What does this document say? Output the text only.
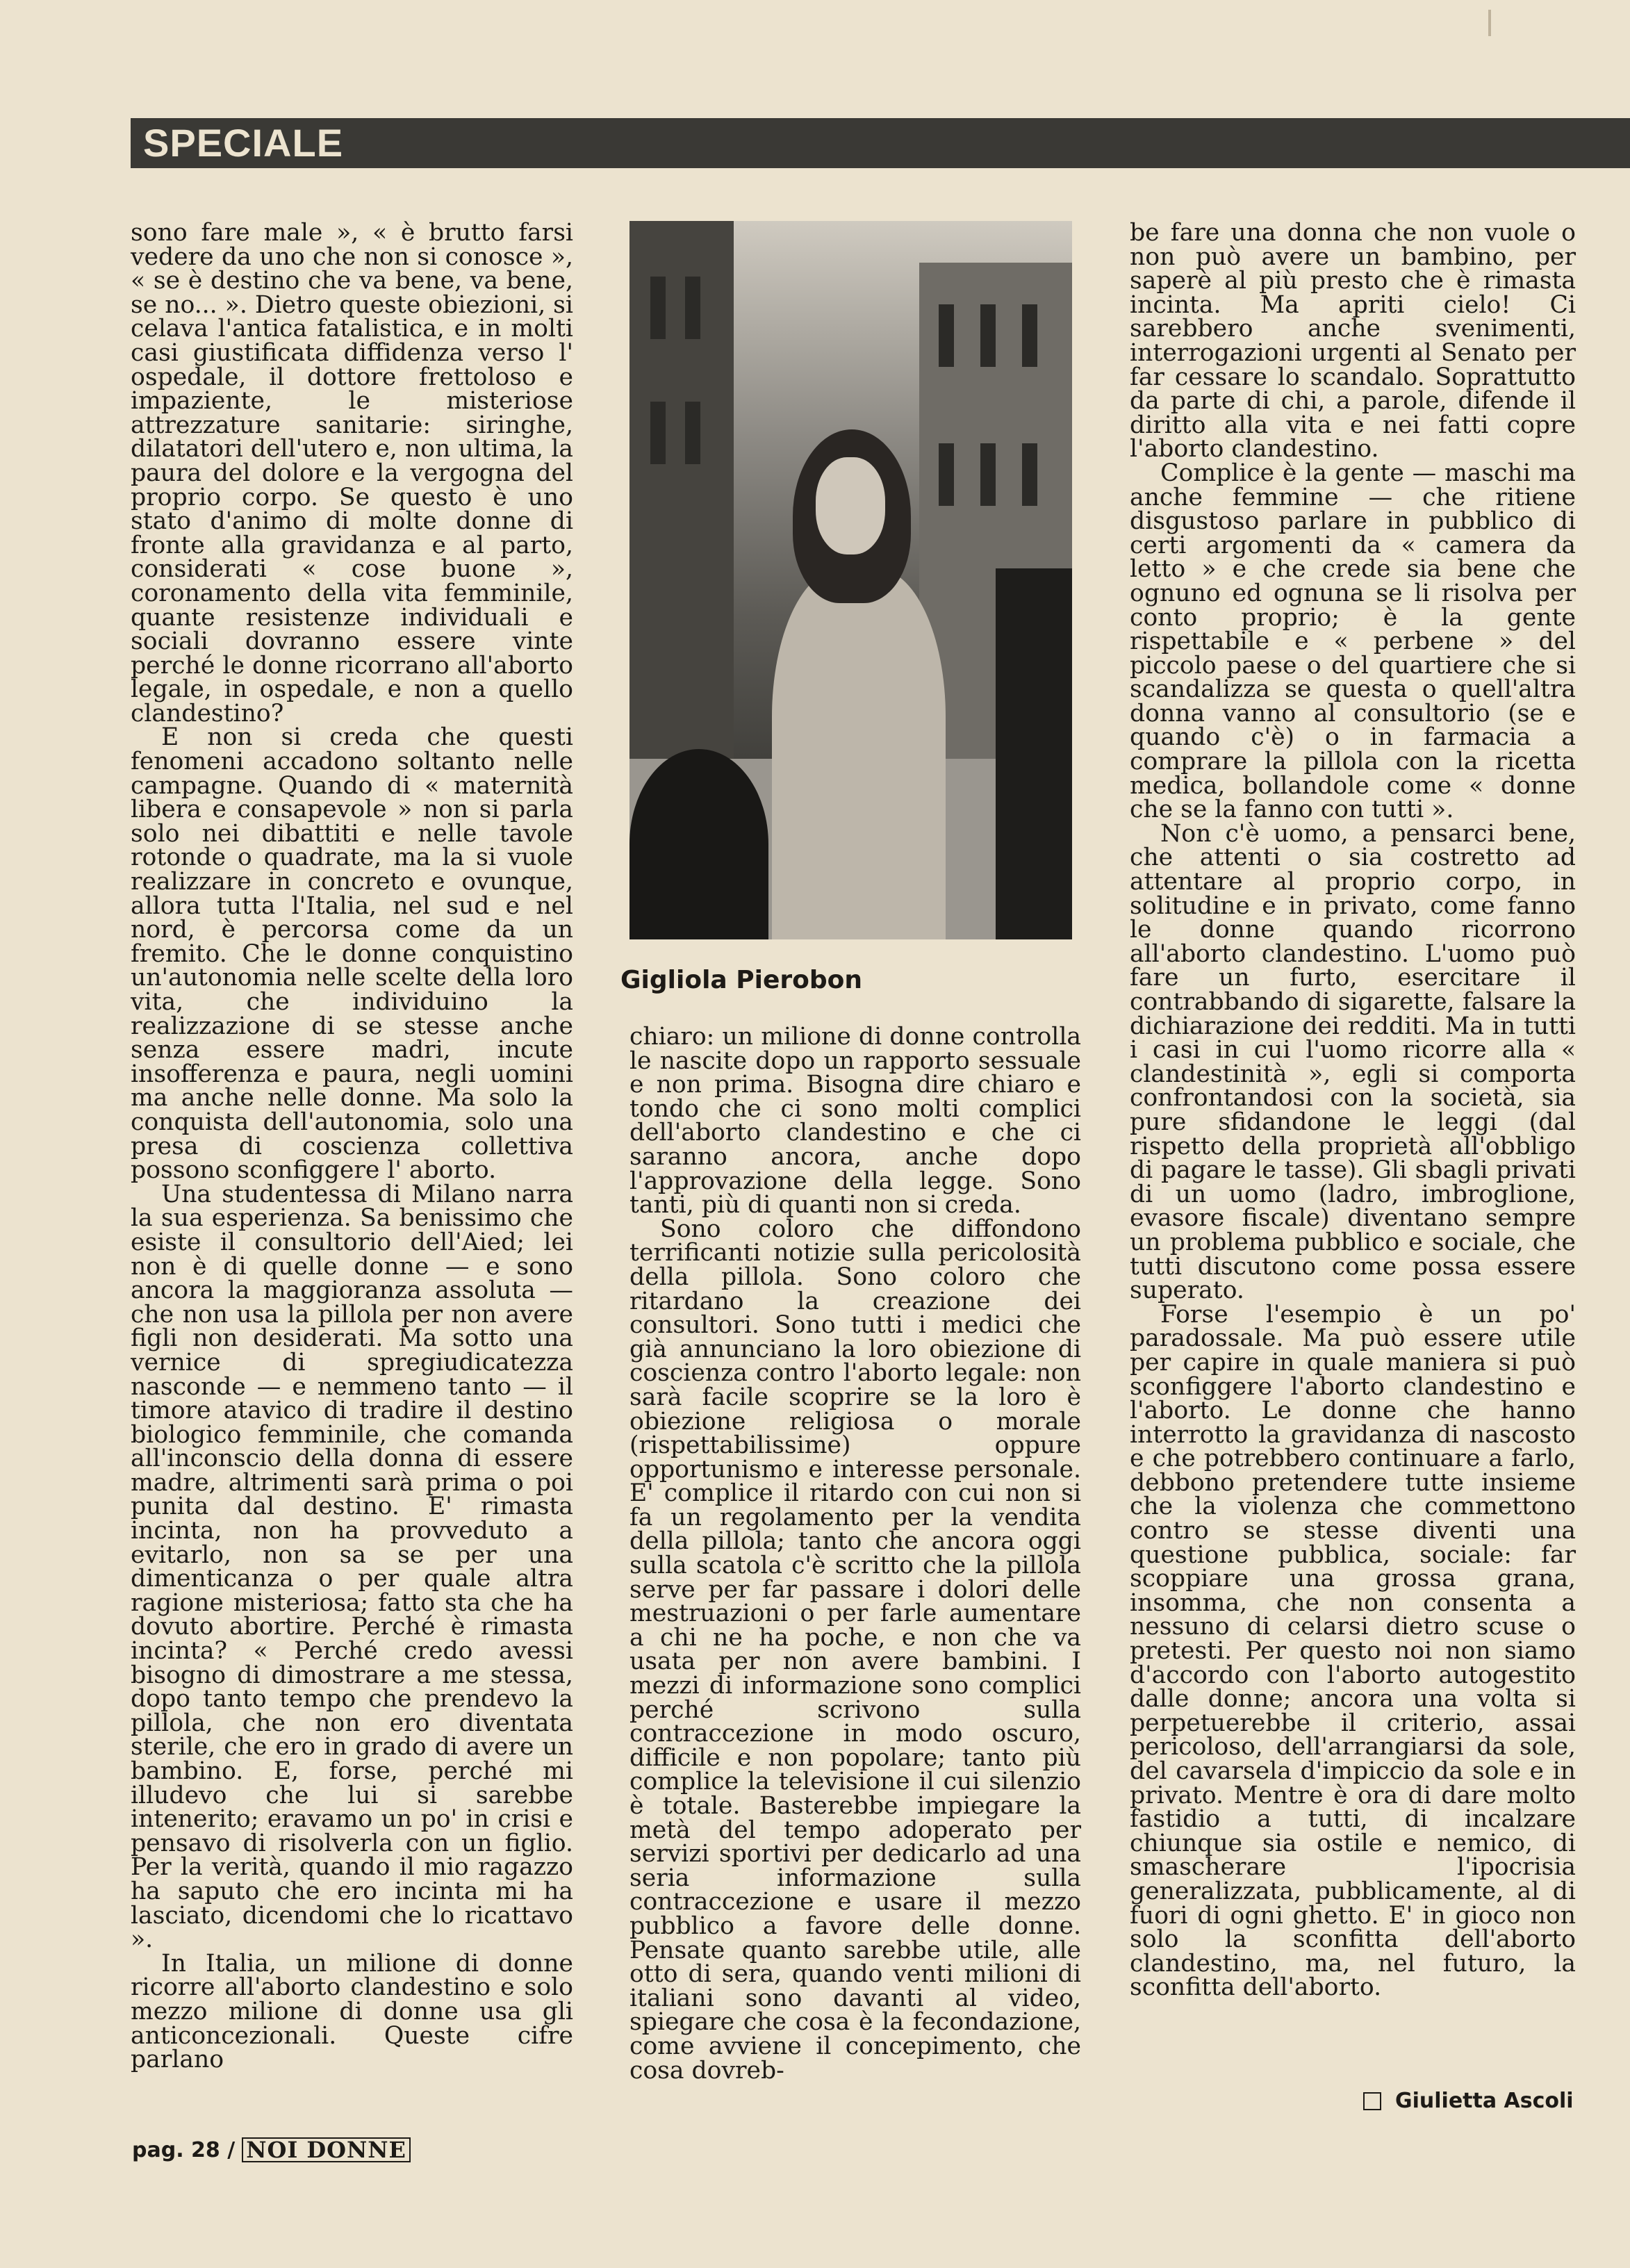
SPECIALE

sono fare male », « è brutto farsi vedere da uno che non si conosce », « se è destino che va bene, va bene, se no... ». Dietro queste obiezioni, si celava l'antica fatalistica, e in molti casi giustificata diffidenza verso l' ospedale, il dottore frettoloso e impaziente, le misteriose attrezzature sanitarie: siringhe, dilatatori dell'utero e, non ultima, la paura del dolore e la vergogna del proprio corpo. Se questo è uno stato d'animo di molte donne di fronte alla gravidanza e al parto, considerati « cose buone », coronamento della vita femminile, quante resistenze individuali e sociali dovranno essere vinte perché le donne ricorrano all'aborto legale, in ospedale, e non a quello clandestino?

E non si creda che questi fenomeni accadono soltanto nelle campagne. Quando di « maternità libera e consapevole » non si parla solo nei dibattiti e nelle tavole rotonde o quadrate, ma la si vuole realizzare in concreto e ovunque, allora tutta l'Italia, nel sud e nel nord, è percorsa come da un fremito. Che le donne conquistino un'autonomia nelle scelte della loro vita, che individuino la realizzazione di se stesse anche senza essere madri, incute insofferenza e paura, negli uomini ma anche nelle donne. Ma solo la conquista dell'autonomia, solo una presa di coscienza collettiva possono sconfiggere l' aborto.

Una studentessa di Milano narra la sua esperienza. Sa benissimo che esiste il consultorio dell'Aied; lei non è di quelle donne — e sono ancora la maggioranza assoluta — che non usa la pillola per non avere figli non desiderati. Ma sotto una vernice di spregiudicatezza nasconde — e nemmeno tanto — il timore atavico di tradire il destino biologico femminile, che comanda all'inconscio della donna di essere madre, altrimenti sarà prima o poi punita dal destino. E' rimasta incinta, non ha provveduto a evitarlo, non sa se per una dimenticanza o per quale altra ragione misteriosa; fatto sta che ha dovuto abortire. Perché è rimasta incinta? « Perché credo avessi bisogno di dimostrare a me stessa, dopo tanto tempo che prendevo la pillola, che non ero diventata sterile, che ero in grado di avere un bambino. E, forse, perché mi illudevo che lui si sarebbe intenerito; eravamo un po' in crisi e pensavo di risolverla con un figlio. Per la verità, quando il mio ragazzo ha saputo che ero incinta mi ha lasciato, dicendomi che lo ricattavo ».

In Italia, un milione di donne ricorre all'aborto clandestino e solo mezzo milione di donne usa gli anticoncezionali. Queste cifre parlano

Gigliola Pierobon

chiaro: un milione di donne controlla le nascite dopo un rapporto sessuale e non prima. Bisogna dire chiaro e tondo che ci sono molti complici dell'aborto clandestino e che ci saranno ancora, anche dopo l'approvazione della legge. Sono tanti, più di quanti non si creda.

Sono coloro che diffondono terrificanti notizie sulla pericolosità della pillola. Sono coloro che ritardano la creazione dei consultori. Sono tutti i medici che già annunciano la loro obiezione di coscienza contro l'aborto legale: non sarà facile scoprire se la loro è obiezione religiosa o morale (rispettabilissime) oppure opportunismo e interesse personale. E' complice il ritardo con cui non si fa un regolamento per la vendita della pillola; tanto che ancora oggi sulla scatola c'è scritto che la pillola serve per far passare i dolori delle mestruazioni o per farle aumentare a chi ne ha poche, e non che va usata per non avere bambini. I mezzi di informazione sono complici perché scrivono sulla contraccezione in modo oscuro, difficile e non popolare; tanto più complice la televisione il cui silenzio è totale. Basterebbe impiegare la metà del tempo adoperato per servizi sportivi per dedicarlo ad una seria informazione sulla contraccezione e usare il mezzo pubblico a favore delle donne. Pensate quanto sarebbe utile, alle otto di sera, quando venti milioni di italiani sono davanti al video, spiegare che cosa è la fecondazione, come avviene il concepimento, che cosa dovreb-

be fare una donna che non vuole o non può avere un bambino, per saperè al più presto che è rimasta incinta. Ma apriti cielo! Ci sarebbero anche svenimenti, interrogazioni urgenti al Senato per far cessare lo scandalo. Soprattutto da parte di chi, a parole, difende il diritto alla vita e nei fatti copre l'aborto clandestino.

Complice è la gente — maschi ma anche femmine — che ritiene disgustoso parlare in pubblico di certi argomenti da « camera da letto » e che crede sia bene che ognuno ed ognuna se li risolva per conto proprio; è la gente rispettabile e « perbene » del piccolo paese o del quartiere che si scandalizza se questa o quell'altra donna vanno al consultorio (se e quando c'è) o in farmacia a comprare la pillola con la ricetta medica, bollandole come « donne che se la fanno con tutti ».

Non c'è uomo, a pensarci bene, che attenti o sia costretto ad attentare al proprio corpo, in solitudine e in privato, come fanno le donne quando ricorrono all'aborto clandestino. L'uomo può fare un furto, esercitare il contrabbando di sigarette, falsare la dichiarazione dei redditi. Ma in tutti i casi in cui l'uomo ricorre alla « clandestinità », egli si comporta confrontandosi con la società, sia pure sfidandone le leggi (dal rispetto della proprietà all'obbligo di pagare le tasse). Gli sbagli privati di un uomo (ladro, imbroglione, evasore fiscale) diventano sempre un problema pubblico e sociale, che tutti discutono come possa essere superato.

Forse l'esempio è un po' paradossale. Ma può essere utile per capire in quale maniera si può sconfiggere l'aborto clandestino e l'aborto. Le donne che hanno interrotto la gravidanza di nascosto e che potrebbero continuare a farlo, debbono pretendere tutte insieme che la violenza che commettono contro se stesse diventi una questione pubblica, sociale: far scoppiare una grossa grana, insomma, che non consenta a nessuno di celarsi dietro scuse o pretesti. Per questo noi non siamo d'accordo con l'aborto autogestito dalle donne; ancora una volta si perpetuerebbe il criterio, assai pericoloso, dell'arrangiarsi da sole, del cavarsela d'impiccio da sole e in privato. Mentre è ora di dare molto fastidio a tutti, di incalzare chiunque sia ostile e nemico, di smascherare l'ipocrisia generalizzata, pubblicamente, al di fuori di ogni ghetto. E' in gioco non solo la sconfitta dell'aborto clandestino, ma, nel futuro, la sconfitta dell'aborto.

Giulietta Ascoli
pag. 28 / NOI DONNE
